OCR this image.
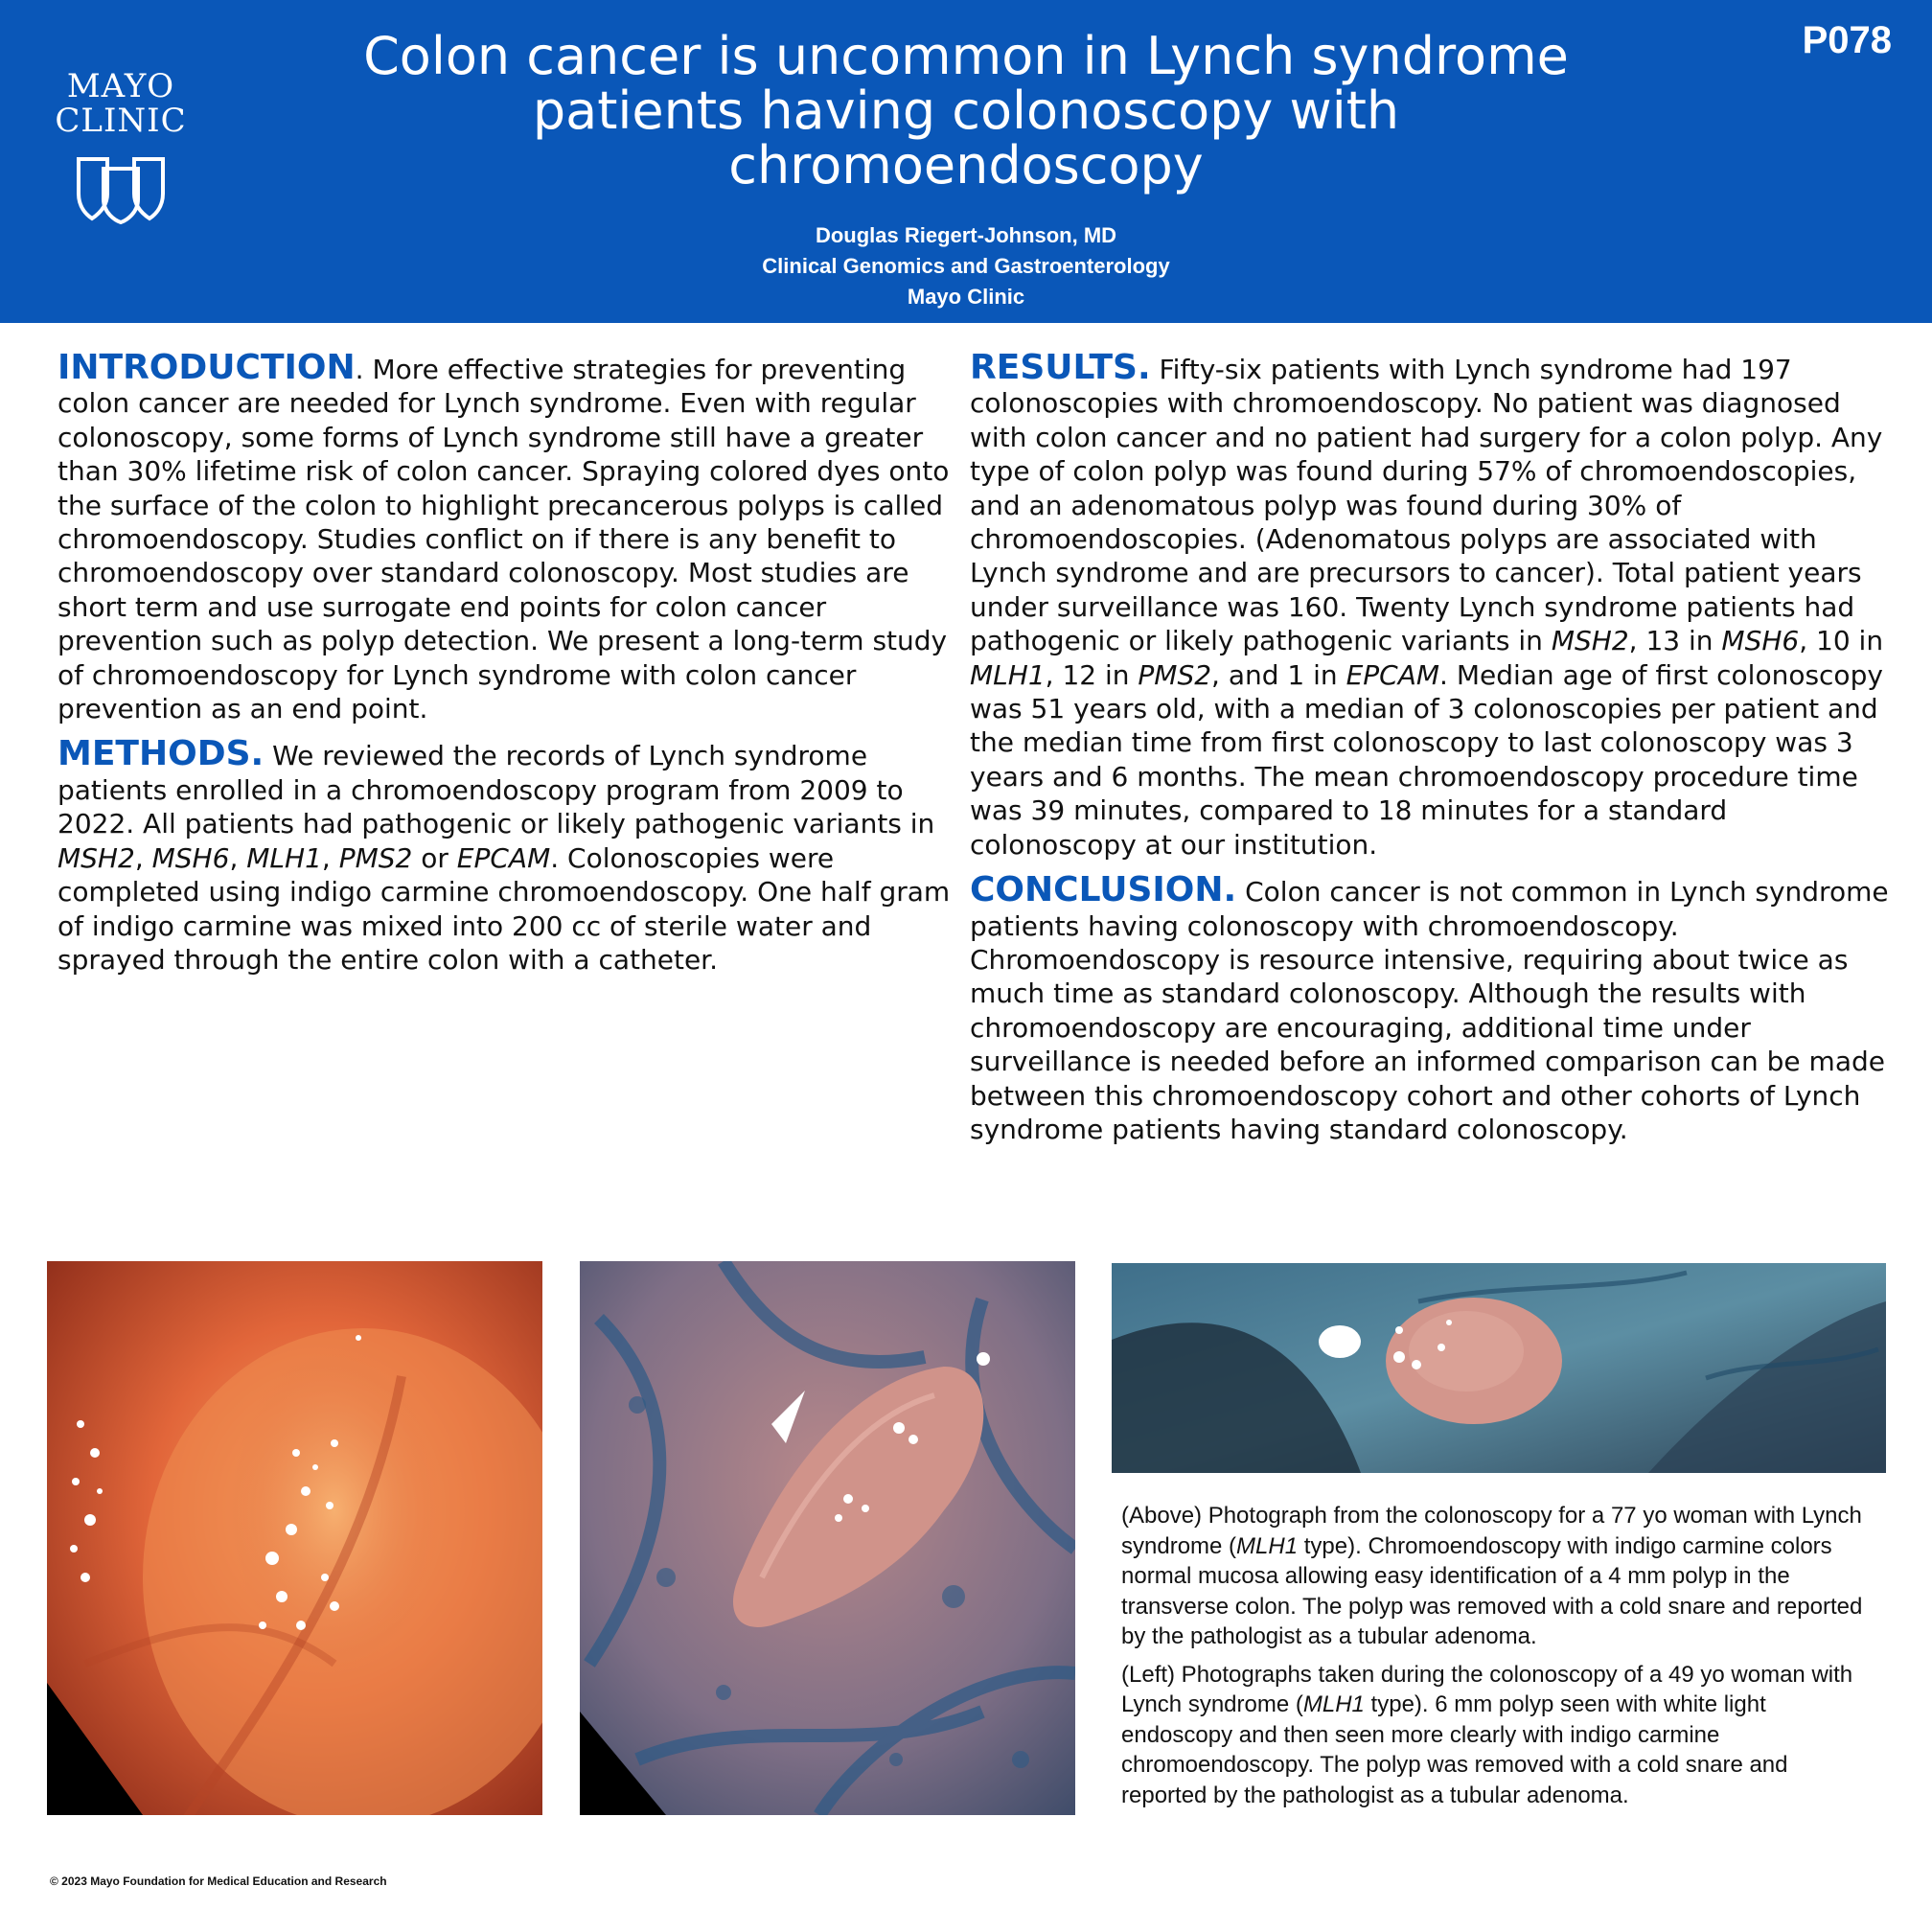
MAYO
CLINIC
P078
Colon cancer is uncommon in Lynch syndrome patients having colonoscopy with chromoendoscopy
Douglas Riegert-Johnson, MD
Clinical Genomics and Gastroenterology
Mayo Clinic
INTRODUCTION. More effective strategies for preventing colon cancer are needed for Lynch syndrome. Even with regular colonoscopy, some forms of Lynch syndrome still have a greater than 30% lifetime risk of colon cancer. Spraying colored dyes onto the surface of the colon to highlight precancerous polyps is called chromoendoscopy. Studies conflict on if there is any benefit to chromoendoscopy over standard colonoscopy. Most studies are short term and use surrogate end points for colon cancer prevention such as polyp detection. We present a long-term study of chromoendoscopy for Lynch syndrome with colon cancer prevention as an end point.
METHODS. We reviewed the records of Lynch syndrome patients enrolled in a chromoendoscopy program from 2009 to 2022. All patients had pathogenic or likely pathogenic variants in MSH2, MSH6, MLH1, PMS2 or EPCAM. Colonoscopies were completed using indigo carmine chromoendoscopy. One half gram of indigo carmine was mixed into 200 cc of sterile water and sprayed through the entire colon with a catheter.
RESULTS. Fifty-six patients with Lynch syndrome had 197 colonoscopies with chromoendoscopy. No patient was diagnosed with colon cancer and no patient had surgery for a colon polyp. Any type of colon polyp was found during 57% of chromoendoscopies, and an adenomatous polyp was found during 30% of chromoendoscopies. (Adenomatous polyps are associated with Lynch syndrome and are precursors to cancer). Total patient years under surveillance was 160. Twenty Lynch syndrome patients had pathogenic or likely pathogenic variants in MSH2, 13 in MSH6, 10 in MLH1, 12 in PMS2, and 1 in EPCAM. Median age of first colonoscopy was 51 years old, with a median of 3 colonoscopies per patient and the median time from first colonoscopy to last colonoscopy was 3 years and 6 months. The mean chromoendoscopy procedure time was 39 minutes, compared to 18 minutes for a standard colonoscopy at our institution.
CONCLUSION. Colon cancer is not common in Lynch syndrome patients having colonoscopy with chromoendoscopy. Chromoendoscopy is resource intensive, requiring about twice as much time as standard colonoscopy. Although the results with chromoendoscopy are encouraging, additional time under surveillance is needed before an informed comparison can be made between this chromoendoscopy cohort and other cohorts of Lynch syndrome patients having standard colonoscopy.

(Above) Photograph from the colonoscopy for a 77 yo woman with Lynch syndrome (MLH1 type). Chromoendoscopy with indigo carmine colors normal mucosa allowing easy identification of a 4 mm polyp in the transverse colon. The polyp was removed with a cold snare and reported by the pathologist as a tubular adenoma.

(Left) Photographs taken during the colonoscopy of a 49 yo woman with Lynch syndrome (MLH1 type). 6 mm polyp seen with white light endoscopy and then seen more clearly with indigo carmine chromoendoscopy. The polyp was removed with a cold snare and reported by the pathologist as a tubular adenoma.

© 2023 Mayo Foundation for Medical Education and Research
